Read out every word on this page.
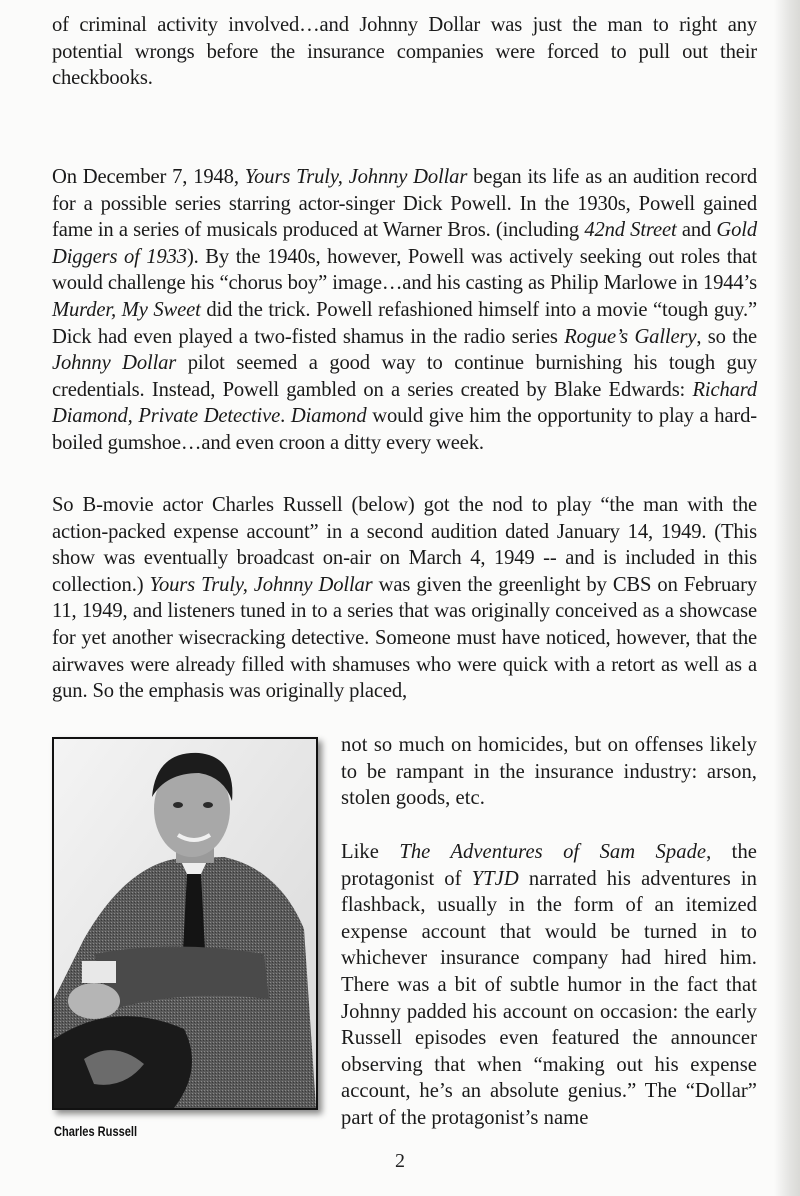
of criminal activity involved…and Johnny Dollar was just the man to right any potential wrongs before the insurance companies were forced to pull out their checkbooks.

On December 7, 1948, Yours Truly, Johnny Dollar began its life as an audition record for a possible series starring actor-singer Dick Powell. In the 1930s, Powell gained fame in a series of musicals produced at Warner Bros. (including 42nd Street and Gold Diggers of 1933). By the 1940s, however, Powell was actively seeking out roles that would challenge his “chorus boy” image…and his casting as Philip Marlowe in 1944’s Murder, My Sweet did the trick. Powell refashioned himself into a movie “tough guy.” Dick had even played a two-fisted shamus in the radio series Rogue’s Gallery, so the Johnny Dollar pilot seemed a good way to continue burnishing his tough guy credentials. Instead, Powell gambled on a series created by Blake Edwards: Richard Diamond, Private Detective. Diamond would give him the opportunity to play a hard-boiled gumshoe…and even croon a ditty every week.

So B-movie actor Charles Russell (below) got the nod to play “the man with the action-packed expense account” in a second audition dated January 14, 1949. (This show was eventually broadcast on-air on March 4, 1949 -- and is included in this collection.) Yours Truly, Johnny Dollar was given the greenlight by CBS on February 11, 1949, and listeners tuned in to a series that was originally conceived as a showcase for yet another wisecracking detective. Someone must have noticed, however, that the airwaves were already filled with shamuses who were quick with a retort as well as a gun. So the emphasis was originally placed,

not so much on homicides, but on offenses likely to be rampant in the insurance industry: arson, stolen goods, etc.

Like The Adventures of Sam Spade, the protagonist of YTJD narrated his adventures in flashback, usually in the form of an itemized expense account that would be turned in to whichever insurance company had hired him. There was a bit of subtle humor in the fact that Johnny padded his account on occasion: the early Russell episodes even featured the announcer observing that when “making out his expense account, he’s an absolute genius.” The “Dollar” part of the protagonist’s name

Charles Russell
2
